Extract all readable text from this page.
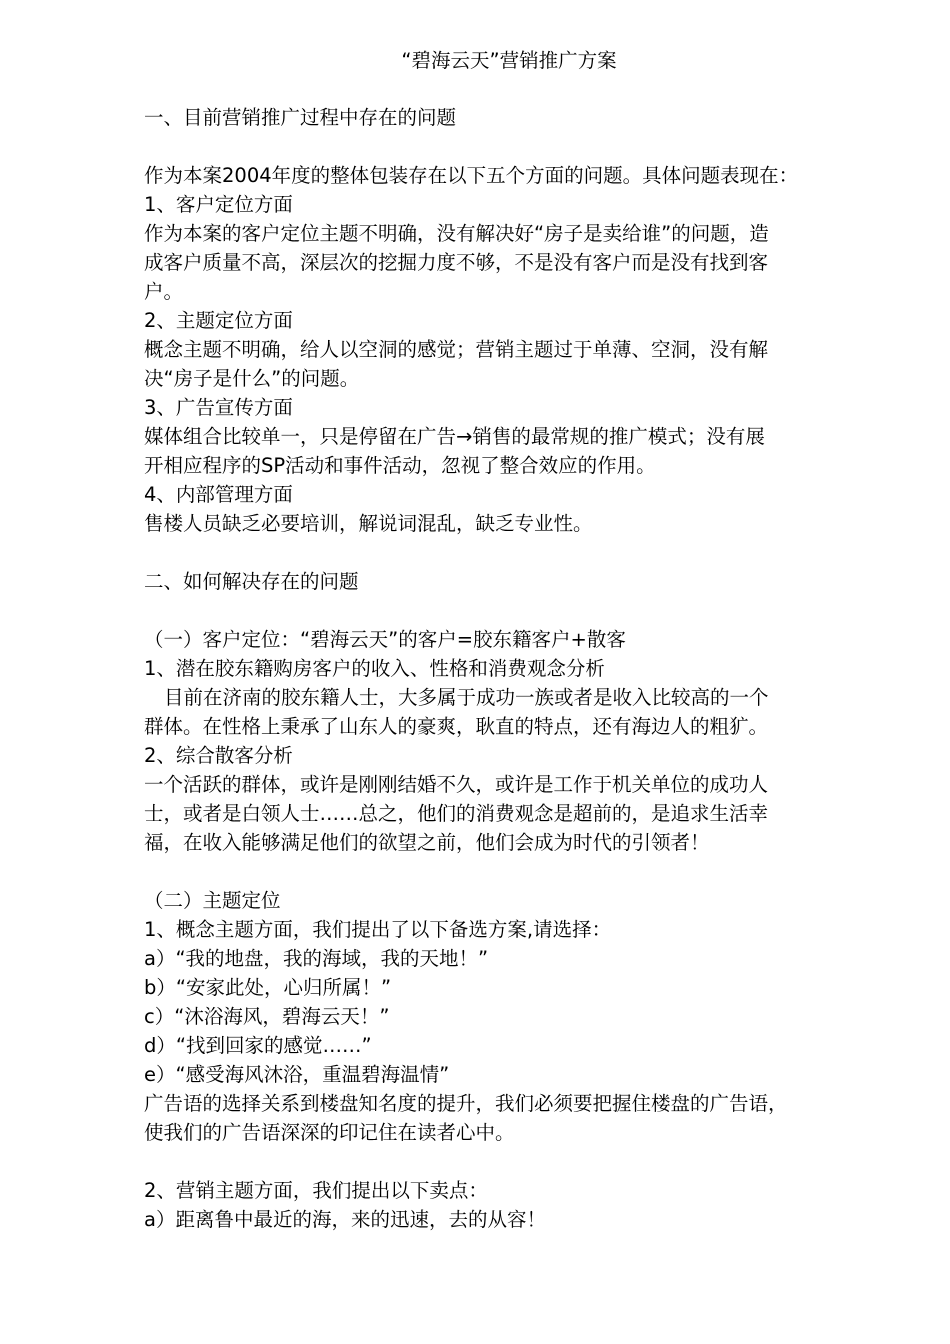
“碧海云天”营销推广方案
一、目前营销推广过程中存在的问题
作为本案2004年度的整体包装存在以下五个方面的问题。具体问题表现在：
1、客户定位方面
作为本案的客户定位主题不明确，没有解决好“房子是卖给谁”的问题，造
成客户质量不高，深层次的挖掘力度不够，不是没有客户而是没有找到客
户。
2、主题定位方面
概念主题不明确，给人以空洞的感觉；营销主题过于单薄、空洞，没有解
决“房子是什么”的问题。
3、广告宣传方面
媒体组合比较单一，只是停留在广告→销售的最常规的推广模式；没有展
开相应程序的SP活动和事件活动，忽视了整合效应的作用。
4、内部管理方面
售楼人员缺乏必要培训，解说词混乱，缺乏专业性。
二、如何解决存在的问题
（一）客户定位：“碧海云天”的客户=胶东籍客户+散客
1、潜在胶东籍购房客户的收入、性格和消费观念分析
目前在济南的胶东籍人士，大多属于成功一族或者是收入比较高的一个
群体。在性格上秉承了山东人的豪爽，耿直的特点，还有海边人的粗犷。
2、综合散客分析
一个活跃的群体，或许是刚刚结婚不久，或许是工作于机关单位的成功人
士，或者是白领人士……总之，他们的消费观念是超前的，是追求生活幸
福，在收入能够满足他们的欲望之前，他们会成为时代的引领者！
（二）主题定位
1、概念主题方面，我们提出了以下备选方案,请选择：
a）“我的地盘，我的海域，我的天地！”
b）“安家此处，心归所属！”
c）“沐浴海风，碧海云天！”
d）“找到回家的感觉……”
e）“感受海风沐浴，重温碧海温情”
广告语的选择关系到楼盘知名度的提升，我们必须要把握住楼盘的广告语，
使我们的广告语深深的印记住在读者心中。
2、营销主题方面，我们提出以下卖点：
a）距离鲁中最近的海，来的迅速，去的从容！
